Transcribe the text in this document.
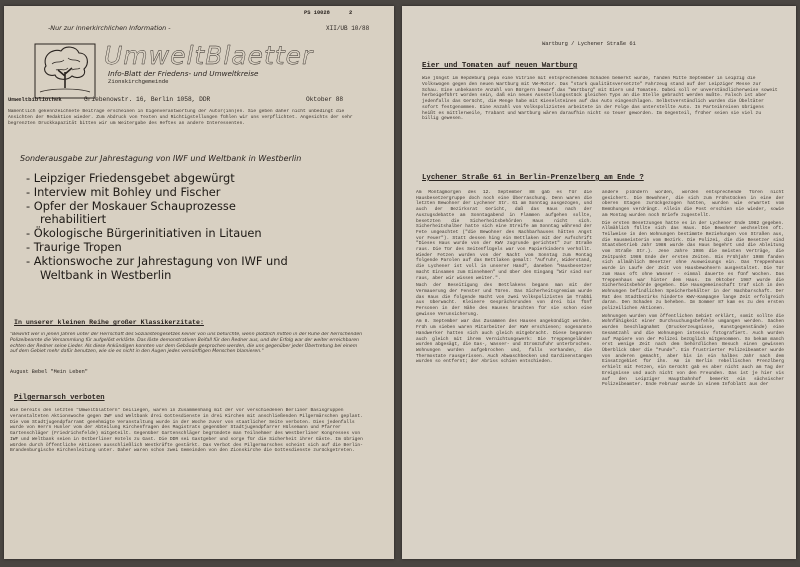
-Nur zur innerkirchlichen Information -
PS 10028	2
XII/UB 10/88
UmweltBlaetter
Info-Blatt der Friedens- und Umweltkreise
Zionskirchgemeinde
Umweltbibliothek	Griebenowstr. 16, Berlin 1058, DDR	Oktober 88

Namentlich gekennzeichnete Beiträge erscheinen in Eigenverantwortung der Autor(inn)en. Sie geben daher nicht unbedingt die Ansichten der Redaktion wieder. Zum Abdruck von Texten und Richtigstellungen fühlen wir uns verpflichtet. Angesichts der sehr begrenzten Druckkapazität bitten wir um Weitergabe des Heftes an andere Interessenten.

Sonderausgabe zur Jahrestagung von IWF und Weltbank in Westberlin
- Leipziger Friedensgebet abgewürgt
- Interview mit Bohley und Fischer
- Opfer der Moskauer Schauprozesse
rehabilitiert
- Ökologische Bürgerinitiativen in Litauen
- Traurige Tropen
- Aktionswoche zur Jahrestagung von IWF und
Weltbank in Westberlin
In unserer kleinen Reihe großer Klassikerzitate:

"Bewirkt wer in jenen Jahren unter der Herrschaft des Sozialistengesetzes keiner von uns befürchte, wenn plötzlich mitten in der Ruhe der herrschenden Polizeibeamte die Versammlung für aufgelöst erklärte. Das löste demonstrativen Beifall für den Redner aus, und der Erfolg war der weiter erreichbaren echten der Redner seine Lieder. Als diese Ankündigen konnten vor dem Gebäude gesprochen werden, die uns gegenüber jeder Übertretung bei einem auf dem Gebiet mehr dafür benutzen, wie sie es nicht in den Augen jedes vernünftigen Menschen blamieren."

August Bebel "Mein Leben"
Pilgermarsch verboten

Wie bereits den letzten "Umweltblättern" beiliegen, waren in Zusammenhang mit der vor verschiedenen Berliner Basisgruppen veranstalteten Aktionswoche gegen IWF und Weltbank drei Gottesdienste in drei Kirchen mit anschließenden Pilgermärschen geplant. Die vom Stadtjugendpfarramt genehmigte Veranstaltung wurde in der Woche zuvor von staatlicher Seite verboten. Dies jedenfalls wurde von Herrn Hunler vom der Abteilung Kirchenfragen des Magistrats gegenüber Stadtjugendpfarrer Hülsemann und Pfarrer Gartenschläger (Friedrichsfelde) mitgeteilt. Gegenüber Gartenschläger begründete man Teilnehmer des Westberliner Kongresses von IWF und Weltbank seien in Ostberliner Hotels zu Gast. Die DDR sei Gastgeber und sorge für die Sicherheit ihrer Gäste. Im übrigen würden durch öffentliche Aktionen ausschließlich Westkräfte gestärkt. Das Verbot des Pilgermarsches scheint sich auf die Berlin-Brandenburgische Kirchenleitung unter. Daher waren schon zwei Gemeinden von den Zionskirche die Gottesdienste zurückgetreten.

Wartburg / Lychener Straße 61
Eier und Tomaten auf neuen Wartburg

Wie jüngst im Hepdeburg pepa eine Vitrine mit entsprechendem Schaden bemerkt wurde, fanden Mitte September in Leipzig die Volkswogen gegen den neuen Wartburg mit VW-Motor. Das "stark qualitätsversetzte" Fahrzeug stand auf der Leipziger Messe zur Schau. Eine unbekannte Anzahl von Bürgern bewarf das "Wartburg" mit Eiern und Tomaten. Dabei soll er unverständlicherweise soweit herbeigeführt worden sein, daß ein neues Ausstellungsstück gleichen Typs an die Stelle gebracht werden mußte. Falsch ist aber jedenfalls das Gerücht, die Menge habe mit Kieselsteinen auf das Auto eingeschlagen. Selbstverständlich wurden die Übeltäter sofort festgenommen. Eine Anzahl von Volkspolizisten arbeitete in der Folge das unterstellte Auto. In Parteikreisen übrigens heißt es mittlerweile, Trabant und Wartburg wären daraufhin nicht so teuer geworden. Im Gegenteil, früher seien sie viel zu billig gewesen.

Lychener Straße 61 in Berlin-Prenzelberg am Ende ?

Am Montagmorgen des 12. September 88 gab es für die Hausbesetzergruppe doch noch eine Überraschung. Denn waren die letzten Bewohner der Lychener Str. 61 am Sonntag ausgezogen, und auch der Bezirksrat Gericht, daß das Haus nach der Auszugsdebatte am Sonntagabend in Flammen aufgehen sollte, besetzten die Sicherheitsbehörden Haus nicht sich. Sicherheitshalber hatte sich eine Streife am Sonntag während der Fete ungeachtet ("die Bewohner des Nachbarhauses hätten Angst vor Feuer"). Statt dessen hing ein Bettlaken mit der Aufschrift "Dieses Haus wurde von der KWV zugrunde gerichtet" zur Straße raus. Die Tür des Seitenflügels war von Papierkindern verhüllt. Wieder Fetzen wurden von der Nacht vom Sonntag zum Montag folgende Parolen auf das Bettlaken gemalt: "Aufruhr, Widerstand, die Lychener ist voll in unserer Hand", daneben "Hausbesetzer macht Einsamen zum Einnehmen" und über den Eingang "Wir sind nur raus, aber wir wissen weiter.".

Nach der Beseitigung des Bettlakens begann man mit der Vermauerung der Fenster und Türen. Das Sicherheitsgremium wurde das Haus die folgende Nacht von zwei Volkspolizisten im Trabbi aus überwacht. Kleinere Gesprächsrunden von drei bis fünf Personen in der Nähe des Hauses brachten für sie schon eine gewisse Verunsicherung.

Am 8. September war das Zusammen des Hauses angekündigt worden. Früh um sieben waren Mitarbeiter der KWV erschienen; sogenannte Handwerker hatten sich auch gleich mitgebracht. Diese begannen auch gleich mit ihrem Vernichtungswerk: Die Treppengeländer wurden abgesägt, die Gas-, Wasser- und Stromzufuhr unterbrochen. Wohnungen wurden aufgebrochen und, falls vorhanden, die Thermostate rausgerissen. Auch Abwaschbecken und Gardinenstangen wurden so entfernt; der Abriss schien entschieden.

andere plündern worden, worden entsprechende Türen nicht gesichert. Die Bewohner, die sich zum Frühstücken in eine der oberen Etagen zurückgezogen hatten, wurden wie erwartet vom Bemühungen verdrängt. Allein die Post erschien nie wieder, sowie am Montag wurden noch Briefe zugestellt.

Die ersten Besetzungen hatte es in der Lychener Ende 1982 gegeben. Allmählich füllte sich das Haus. Die Bewohner wechselten oft. Teilweise in den Wohnungen bestimmte Beziehungen von Straßen aus, die Hausmeisterin vom Bezirk. Die Polizei, die die Besetzer sind Staatsbetrieb Jahr 1986 wurde das Haus begehrt und die Ableitung vom Straße Str.). Jene Jahre 1986 die meisten Verträge, die Zeitpunkt 1986 Ende der ersten Zeiten. Bis Frühjahr 1988 fanden sich allmählich Besetzer ohne Ausweisungs ein. Das Treppenhaus wurde in Laufe der Zeit von Hausbewohnern ausgestaltet. Die Tür zum Haus oft ohne Wasser - einmal dauerte es fünf Wochen. Das Treppenhaus war hinter dem Haus. Im Oktober 1987 wurde die Sicherheitsbehörde gegeben. Die Hausgemeinschaft traf sich in den Wohnungen befindlichen Speicherbehälter in der Nachbarschaft. Der Rat des Stadtbezirks hinderte KWV-Kampagne lange Zeit erfolgreich daran. Den Schaden zu beheben. Im Sommer 87 kam es zu den ersten polizeilichen Aktionen.

Wohnungen wurden vom öffentlichen Gebiet erklärt, somit sollte die Wohnfähigkeit einer Durchsuchungsbefehle umgangen werden. Sachen wurden beschlagnahmt (Druckerzeugnisse, Kunstgegenstände) eine Gesamtzahl und die Wohnungen intensiv fotografiert. Auch wurden auf Papiere von der Polizei bezüglich mitgenommen. So bekam manch erst wenige Zeit nach dem behördlichen Besuch einen gewissen Überblick über die "Funde". Ein frustrierter Polizeibeamter wurde von anderen gemacht, aber bis in ein halbes Jahr nach dem Einsatzgebiet für ihn. Am in Berlin rebellischen Prenzlberg erhielt mit Fetzen, ein Gerücht gab es aber nicht auch am Tag der Ereignisse und auch nicht von den Freunden. Das ist je hier vis auf den Leipziger Hauptbahnhof bemerkt ein sächsischer Polizeibeamter. Ende Februar wurde in einem Infoblatt aus der
